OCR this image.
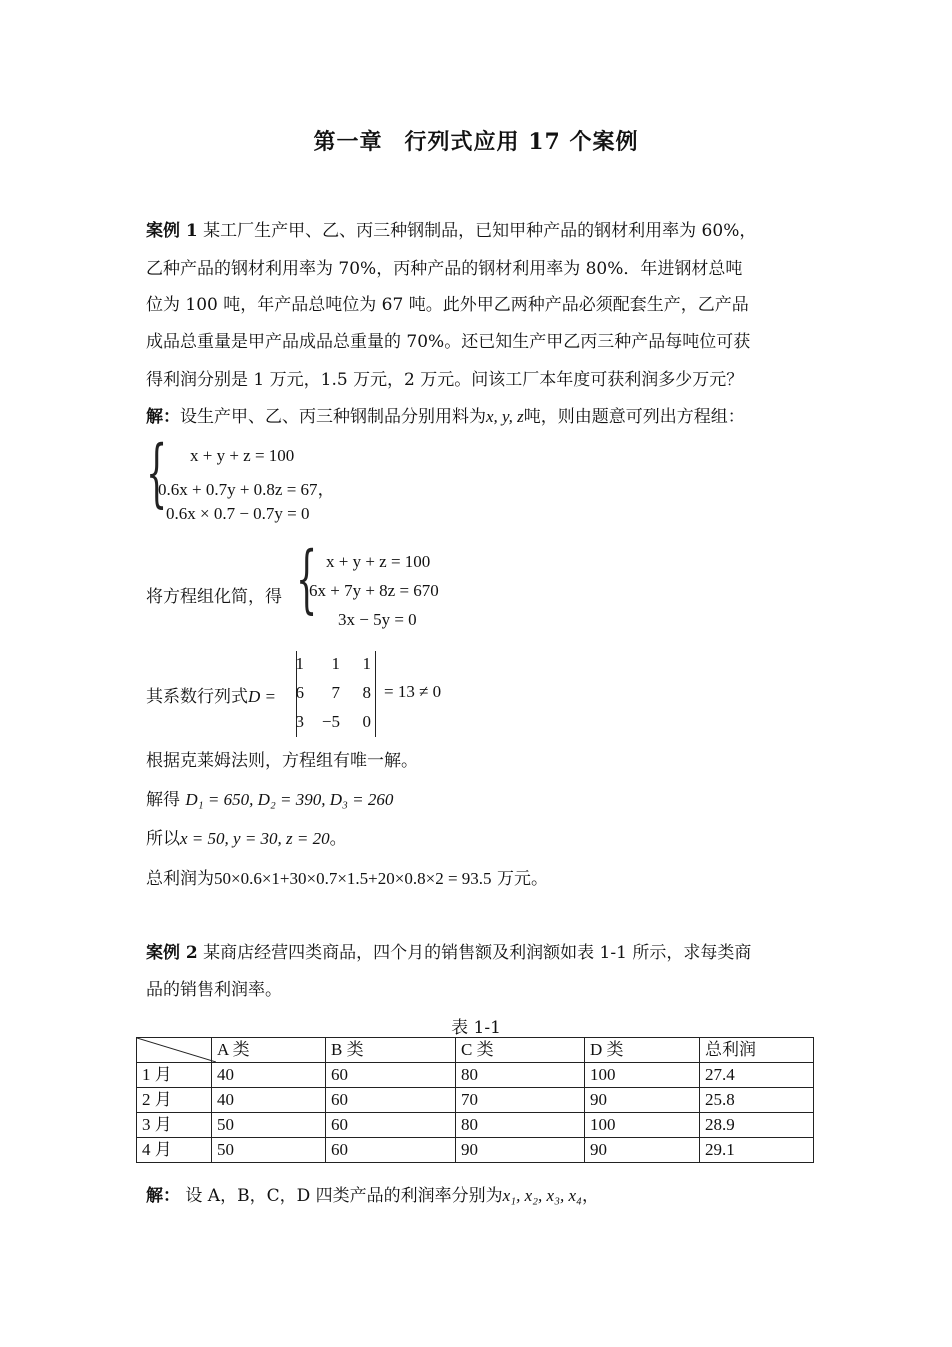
第一章 行列式应用 17 个案例
案例 1 某工厂生产甲、乙、丙三种钢制品，已知甲种产品的钢材利用率为 60%，
乙种产品的钢材利用率为 70%，丙种产品的钢材利用率为 80%．年进钢材总吨
位为 100 吨，年产品总吨位为 67 吨。此外甲乙两种产品必须配套生产，乙产品
成品总重量是甲产品成品总重量的 70%。还已知生产甲乙丙三种产品每吨位可获
得利润分别是 1 万元，1.5 万元，2 万元。问该工厂本年度可获利润多少万元？
解：设生产甲、乙、丙三种钢制品分别用料为x, y, z吨，则由题意可列出方程组：
{ x + y + z = 100
0.6x + 0.7y + 0.8z = 67，
0.6x × 0.7 − 0.7y = 0
将方程组化简，得 { x + y + z = 100
6x + 7y + 8z = 670
3x − 5y = 0
其系数行列式D =
1	1	1
6	7	8
3	−5	0
= 13 ≠ 0
根据克莱姆法则，方程组有唯一解。
解得 D₁ = 650, D₂ = 390, D₃ = 260
所以x = 50, y = 30, z = 20。
总利润为50×0.6×1+30×0.7×1.5+20×0.8×2 = 93.5 万元。
案例 2 某商店经营四类商品，四个月的销售额及利润额如表 1-1 所示，求每类商
品的销售利润率。
表 1-1
	A 类	B 类	C 类	D 类	总利润
1 月	40	60	80	100	27.4
2 月	40	60	70	90	25.8
3 月	50	60	80	100	28.9
4 月	50	60	90	90	29.1
解： 设 A，B，C，D 四类产品的利润率分别为x₁, x₂, x₃, x₄，
